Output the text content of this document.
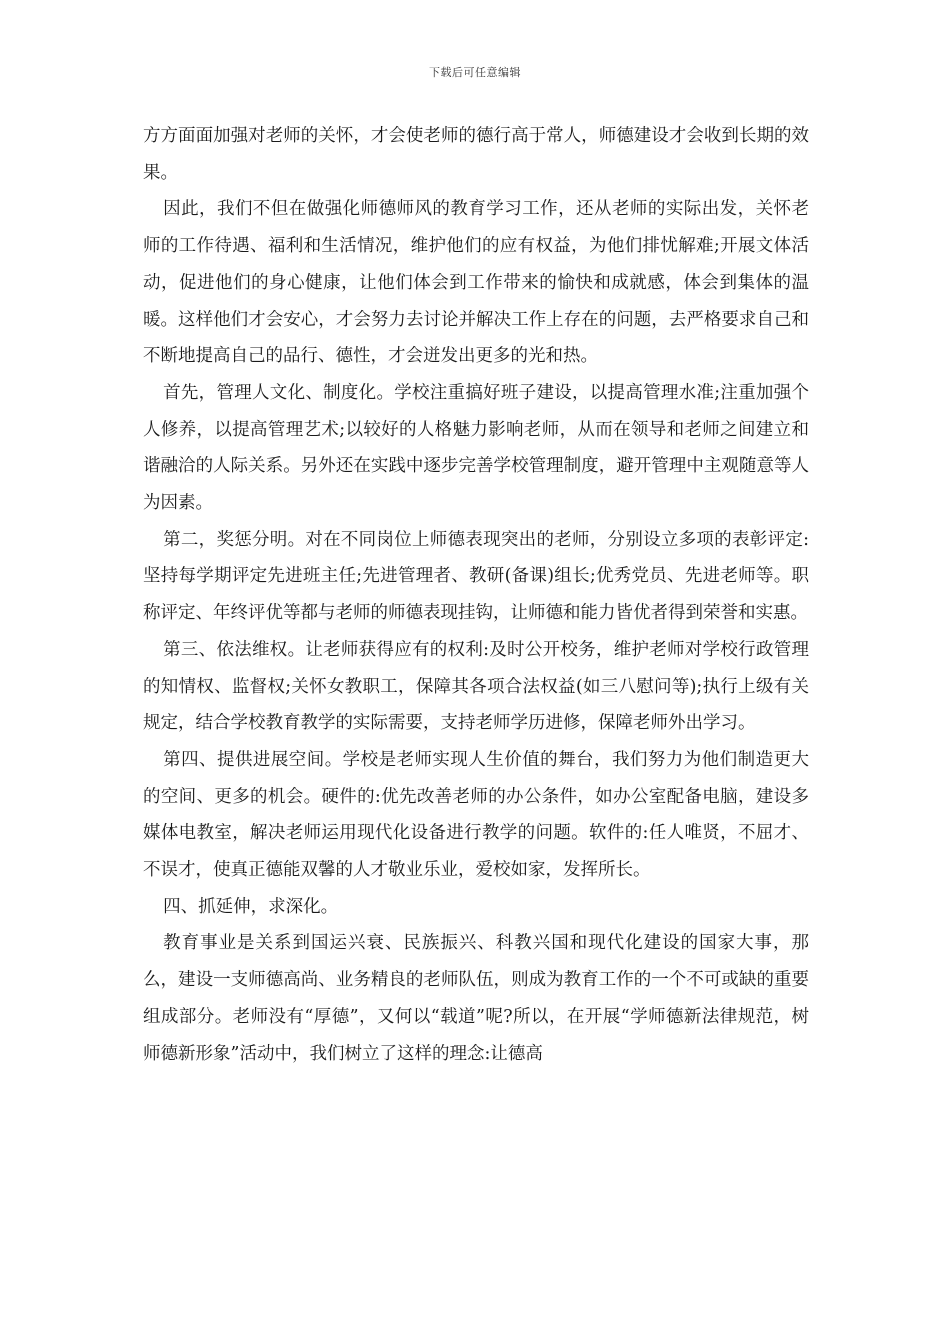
下载后可任意编辑

方方面面加强对老师的关怀，才会使老师的德行高于常人，师德建设才会收到长期的效果。

因此，我们不但在做强化师德师风的教育学习工作，还从老师的实际出发，关怀老师的工作待遇、福利和生活情况，维护他们的应有权益，为他们排忧解难;开展文体活动，促进他们的身心健康，让他们体会到工作带来的愉快和成就感，体会到集体的温暖。这样他们才会安心，才会努力去讨论并解决工作上存在的问题，去严格要求自己和不断地提高自己的品行、德性，才会迸发出更多的光和热。

首先，管理人文化、制度化。学校注重搞好班子建设，以提高管理水准;注重加强个人修养，以提高管理艺术;以较好的人格魅力影响老师，从而在领导和老师之间建立和谐融洽的人际关系。另外还在实践中逐步完善学校管理制度，避开管理中主观随意等人为因素。

第二，奖惩分明。对在不同岗位上师德表现突出的老师，分别设立多项的表彰评定:坚持每学期评定先进班主任;先进管理者、教研(备课)组长;优秀党员、先进老师等。职称评定、年终评优等都与老师的师德表现挂钩，让师德和能力皆优者得到荣誉和实惠。

第三、依法维权。让老师获得应有的权利:及时公开校务，维护老师对学校行政管理的知情权、监督权;关怀女教职工，保障其各项合法权益(如三八慰问等);执行上级有关规定，结合学校教育教学的实际需要，支持老师学历进修，保障老师外出学习。

第四、提供进展空间。学校是老师实现人生价值的舞台，我们努力为他们制造更大的空间、更多的机会。硬件的:优先改善老师的办公条件，如办公室配备电脑，建设多媒体电教室，解决老师运用现代化设备进行教学的问题。软件的:任人唯贤，不屈才、不误才，使真正德能双馨的人才敬业乐业，爱校如家，发挥所长。

四、抓延伸，求深化。

教育事业是关系到国运兴衰、民族振兴、科教兴国和现代化建设的国家大事，那么，建设一支师德高尚、业务精良的老师队伍，则成为教育工作的一个不可或缺的重要组成部分。老师没有“厚德”，又何以“载道”呢?所以，在开展“学师德新法律规范，树师德新形象”活动中，我们树立了这样的理念:让德高
